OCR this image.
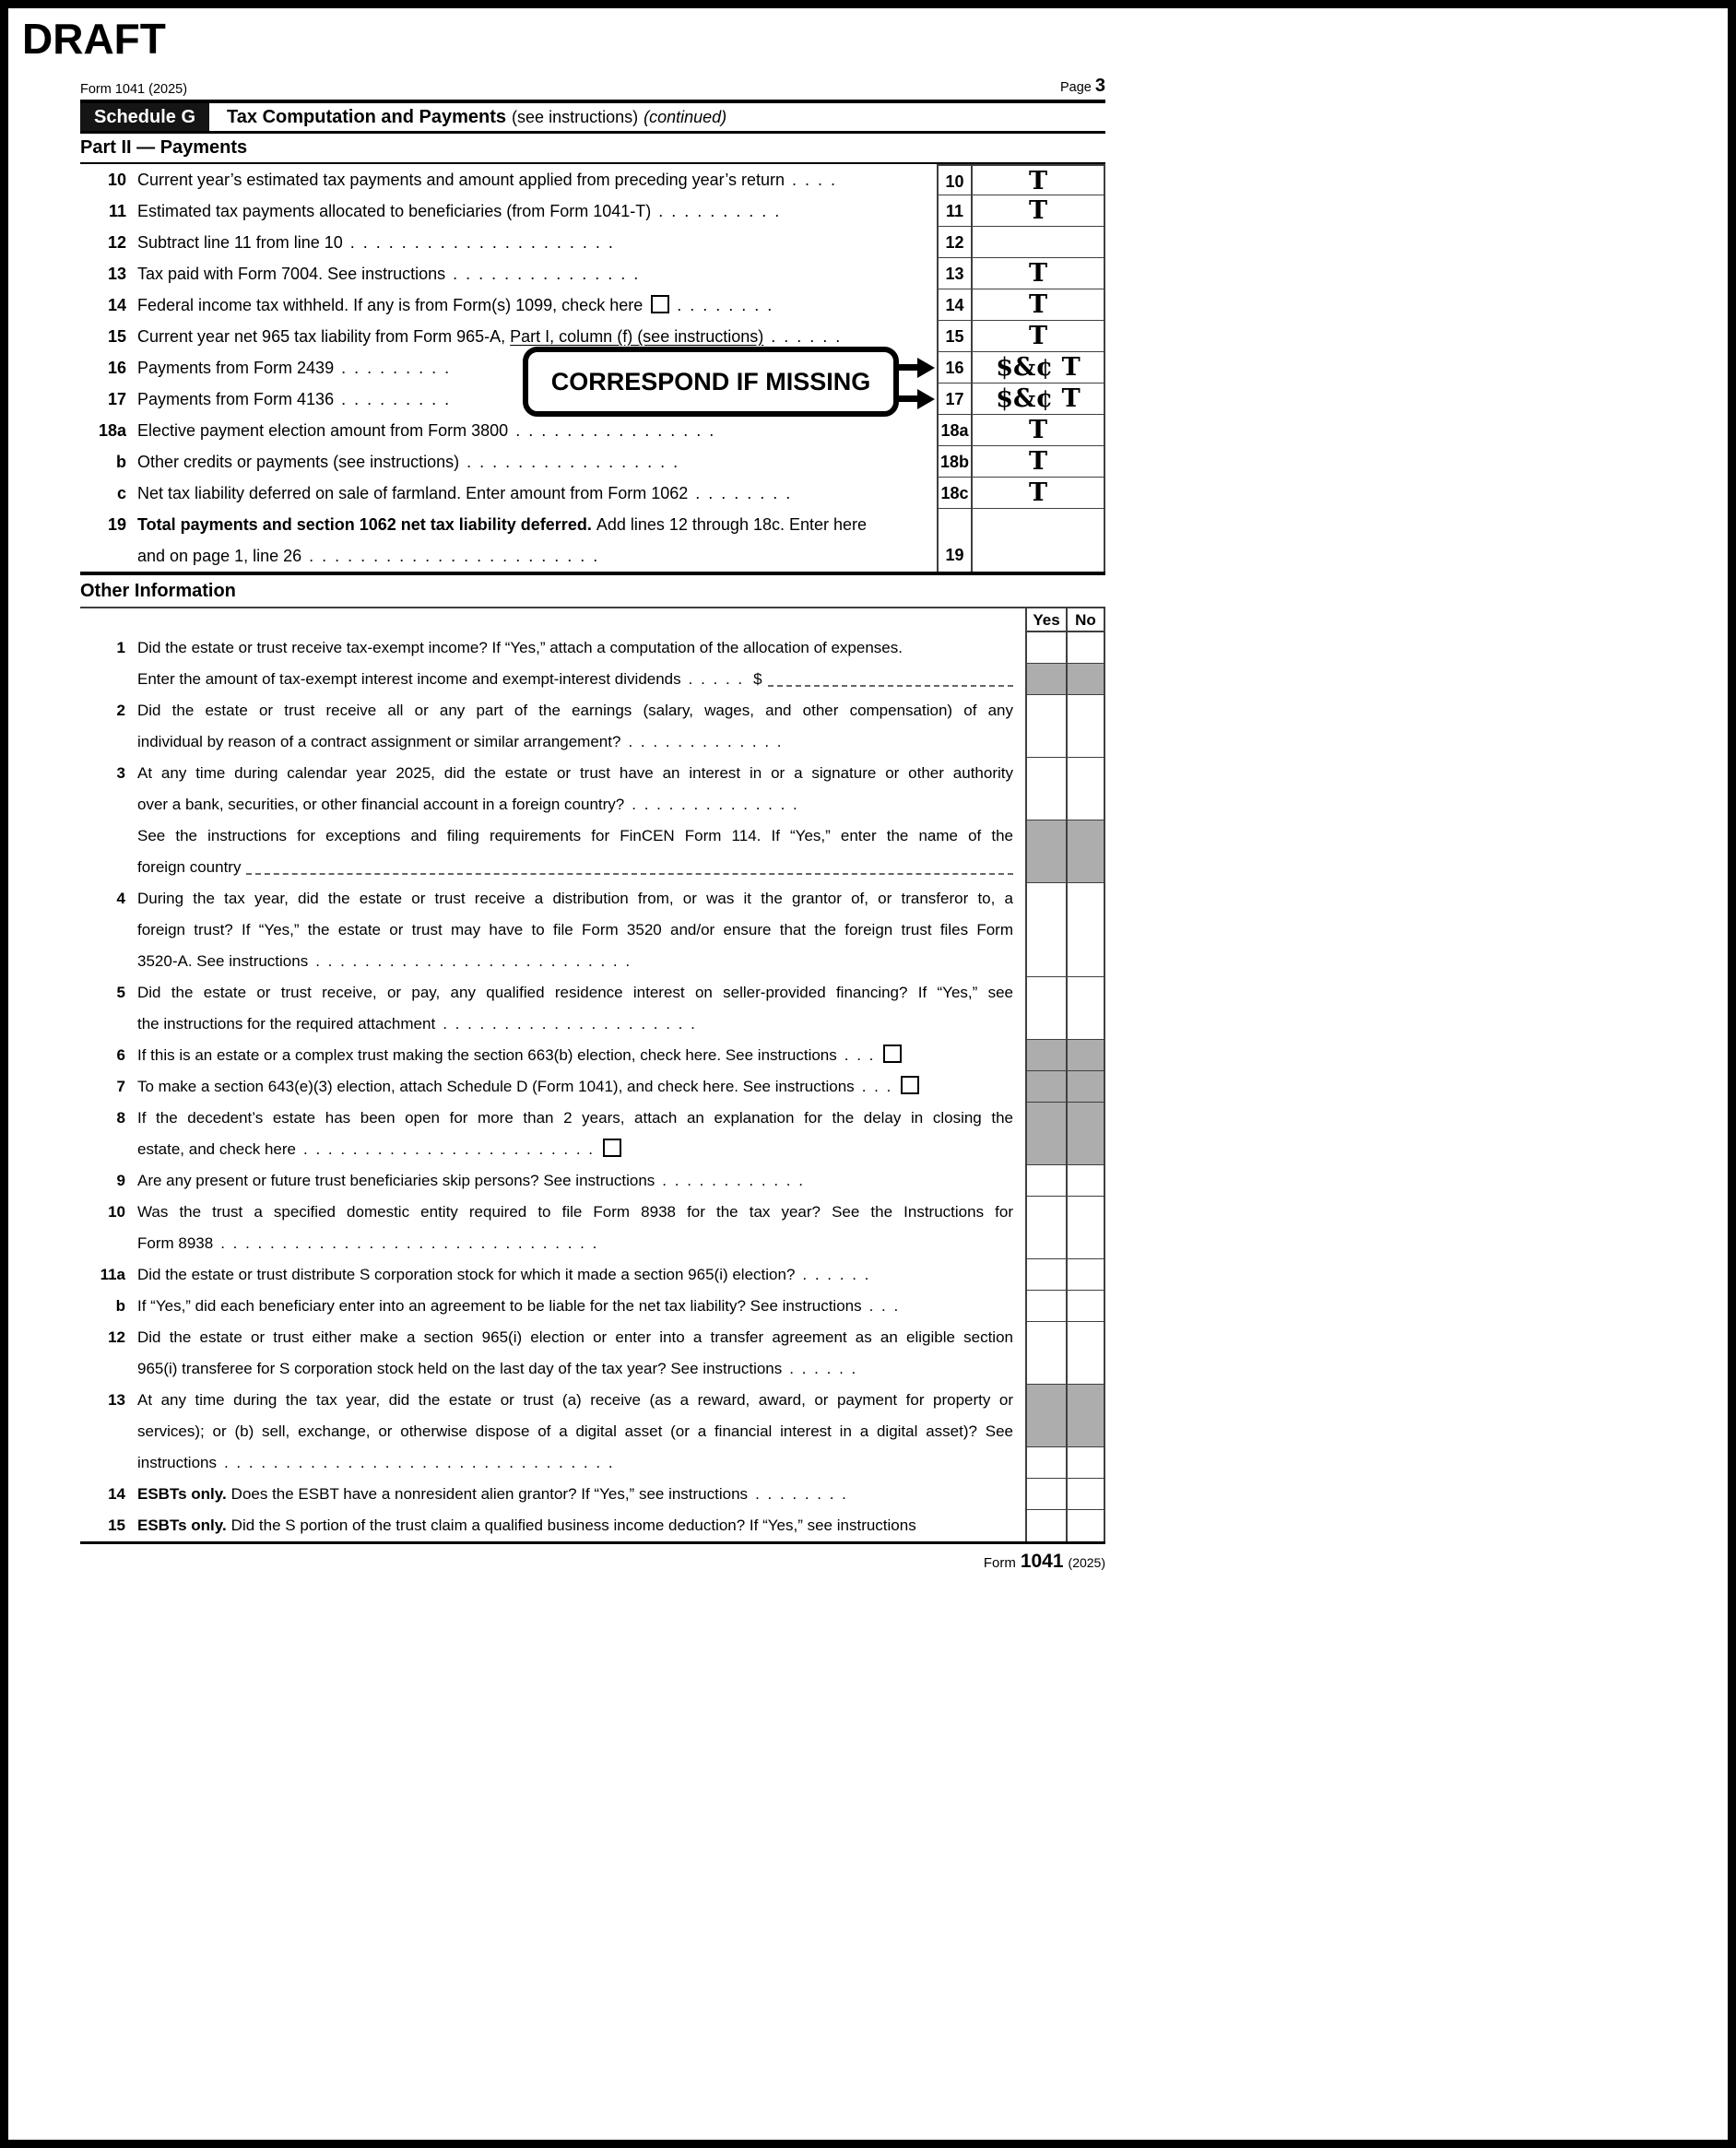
DRAFT
Form 1041 (2025)	Page 3
Schedule G	Tax Computation and Payments (see instructions) (continued)
Part II — Payments
10 Current year’s estimated tax payments and amount applied from preceding year’s return . . . .	10	T
11 Estimated tax payments allocated to beneficiaries (from Form 1041-T) . . . . . . . . . .	11	T
12 Subtract line 11 from line 10 . . . . . . . . . . . . . . . . . . . . .	12
13 Tax paid with Form 7004. See instructions . . . . . . . . . . . . . . .	13	T
14 Federal income tax withheld. If any is from Form(s) 1099, check here . . . . . . . .	14	T
15 Current year net 965 tax liability from Form 965-A, Part I, column (f) (see instructions) . . . . . .	15	T
16 Payments from Form 2439 . . . . . . . . .	16	$&¢ T
17 Payments from Form 4136 . . . . . . . . .	17	$&¢ T
18a Elective payment election amount from Form 3800 . . . . . . . . . . . . . . . .	18a	T
b Other credits or payments (see instructions) . . . . . . . . . . . . . . . . .	18b	T
c Net tax liability deferred on sale of farmland. Enter amount from Form 1062 . . . . . . . .	18c	T
19 Total payments and section 1062 net tax liability deferred. Add lines 12 through 18c. Enter here
and on page 1, line 26 . . . . . . . . . . . . . . . . . . . . . . .	19
CORRESPOND IF MISSING
Other Information
Yes No
1 Did the estate or trust receive tax-exempt income? If “Yes,” attach a computation of the allocation of expenses.
Enter the amount of tax-exempt interest income and exempt-interest dividends . . . . . $
2 Did the estate or trust receive all or any part of the earnings (salary, wages, and other compensation) of any
individual by reason of a contract assignment or similar arrangement? . . . . . . . . . . . . .
3 At any time during calendar year 2025, did the estate or trust have an interest in or a signature or other authority
over a bank, securities, or other financial account in a foreign country? . . . . . . . . . . . . . .
See the instructions for exceptions and filing requirements for FinCEN Form 114. If “Yes,” enter the name of the
foreign country
4 During the tax year, did the estate or trust receive a distribution from, or was it the grantor of, or transferor to, a
foreign trust? If “Yes,” the estate or trust may have to file Form 3520 and/or ensure that the foreign trust files Form
3520-A. See instructions . . . . . . . . . . . . . . . . . . . . . . . . . .
5 Did the estate or trust receive, or pay, any qualified residence interest on seller-provided financing? If “Yes,” see
the instructions for the required attachment . . . . . . . . . . . . . . . . . . . . .
6 If this is an estate or a complex trust making the section 663(b) election, check here. See instructions . . .
7 To make a section 643(e)(3) election, attach Schedule D (Form 1041), and check here. See instructions . . .
8 If the decedent’s estate has been open for more than 2 years, attach an explanation for the delay in closing the
estate, and check here . . . . . . . . . . . . . . . . . . . . . . . .
9 Are any present or future trust beneficiaries skip persons? See instructions . . . . . . . . . . . .
10 Was the trust a specified domestic entity required to file Form 8938 for the tax year? See the Instructions for
Form 8938 . . . . . . . . . . . . . . . . . . . . . . . . . . . . . . .
11a Did the estate or trust distribute S corporation stock for which it made a section 965(i) election? . . . . . .
b If “Yes,” did each beneficiary enter into an agreement to be liable for the net tax liability? See instructions . . .
12 Did the estate or trust either make a section 965(i) election or enter into a transfer agreement as an eligible section
965(i) transferee for S corporation stock held on the last day of the tax year? See instructions . . . . . .
13 At any time during the tax year, did the estate or trust (a) receive (as a reward, award, or payment for property or
services); or (b) sell, exchange, or otherwise dispose of a digital asset (or a financial interest in a digital asset)? See
instructions . . . . . . . . . . . . . . . . . . . . . . . . . . . . . . . .
14 ESBTs only. Does the ESBT have a nonresident alien grantor? If “Yes,” see instructions . . . . . . . .
15 ESBTs only. Did the S portion of the trust claim a qualified business income deduction? If “Yes,” see instructions
Form 1041 (2025)
